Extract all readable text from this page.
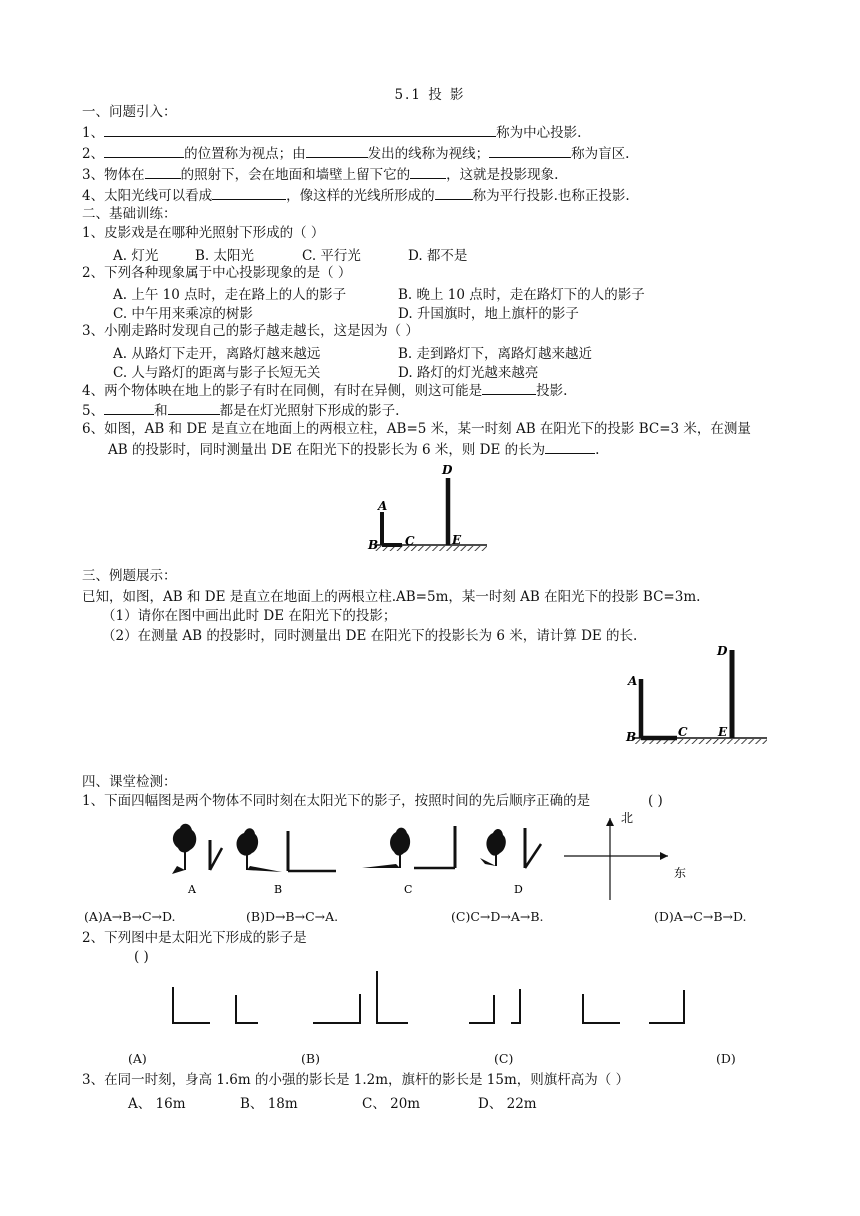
5.1 投 影
一、问题引入：
1、	称为中心投影.
2、	的位置称为视点；由	发出的线称为视线；	称为盲区.
3、物体在	的照射下，会在地面和墙壁上留下它的	，这就是投影现象.
4、太阳光线可以看成	，像这样的光线所形成的	称为平行投影.也称正投影.
二、基础训练：
1、皮影戏是在哪种光照射下形成的（ ）
A. 灯光	B. 太阳光	C. 平行光	D. 都不是
2、下列各种现象属于中心投影现象的是（ ）
A. 上午 10 点时，走在路上的人的影子	B. 晚上 10 点时，走在路灯下的人的影子
C. 中午用来乘凉的树影	D. 升国旗时，地上旗杆的影子
3、小刚走路时发现自己的影子越走越长，这是因为（ ）
A. 从路灯下走开，离路灯越来越远	B. 走到路灯下，离路灯越来越近
C. 人与路灯的距离与影子长短无关	D. 路灯的灯光越来越亮
4、两个物体映在地上的影子有时在同侧，有时在异侧，则这可能是	投影.
5、	和	都是在灯光照射下形成的影子.
6、如图，AB 和 DE 是直立在地面上的两根立柱，AB=5 米，某一时刻 AB 在阳光下的投影 BC=3 米，在测量
AB 的投影时，同时测量出 DE 在阳光下的投影长为 6 米，则 DE 的长为	.
A
B C
D
E
三、例题展示：
已知，如图，AB 和 DE 是直立在地面上的两根立柱.AB=5m，某一时刻 AB 在阳光下的投影 BC=3m.
（1）请你在图中画出此时 DE 在阳光下的投影；
（2）在测量 AB 的投影时，同时测量出 DE 在阳光下的投影长为 6 米，请计算 DE 的长.
A
B	C
D
E
四、课堂检测：
1、下面四幅图是两个物体不同时刻在太阳光下的影子，按照时间的先后顺序正确的是	( )
A	B	C	D
北
东
(A)A→B→C→D.	(B)D→B→C→A.	(C)C→D→A→B.	(D)A→C→B→D.
2、下列图中是太阳光下形成的影子是
( )
(A)	(B)	(C)	(D)
3、在同一时刻，身高 1.6m 的小强的影长是 1.2m，旗杆的影长是 15m，则旗杆高为（ ）
A、 16m	B、 18m	C、 20m	D、 22m
